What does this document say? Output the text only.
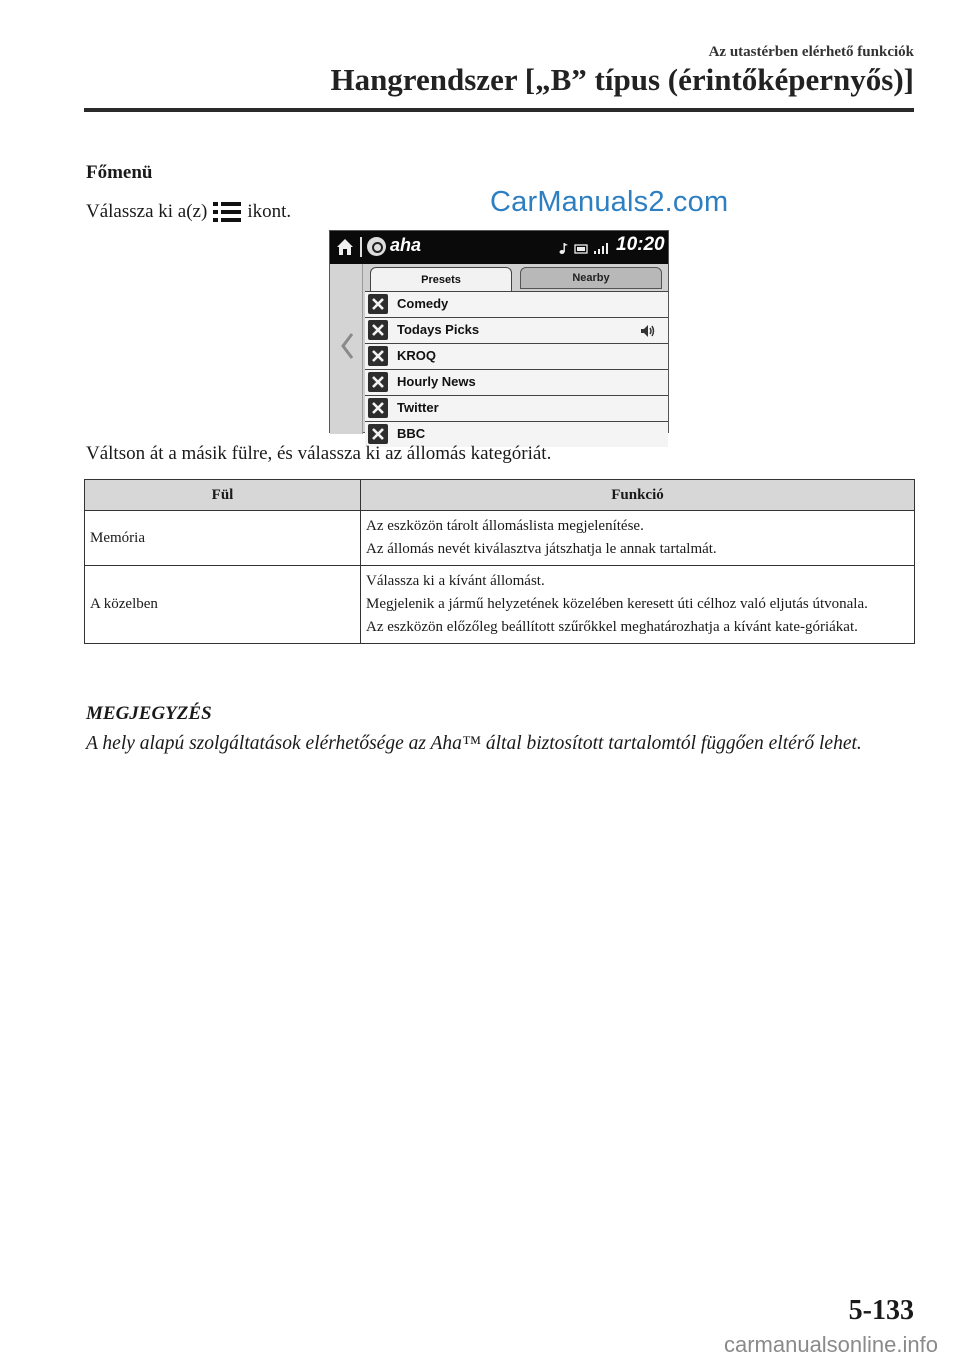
Az utastérben elérhető funkciók
Hangrendszer [„B” típus (érintőképernyős)]
Főmenü
Válassza ki a(z) ikont.	CarManuals2.com
aha	10:20
Presets	Nearby
Comedy
Todays Picks
KROQ
Hourly News
Twitter
BBC
Váltson át a másik fülre, és válassza ki az állomás kategóriát.
Fül	Funkció
Memória	Az eszközön tárolt állomáslista megjelenítése.
Az állomás nevét kiválasztva játszhatja le annak tartalmát.

A közelben	Válassza ki a kívánt állomást.
Megjelenik a jármű helyzetének közelében keresett úti célhoz való eljutás útvonala.
Az eszközön előzőleg beállított szűrőkkel meghatározhatja a kívánt kate-góriákat.
MEGJEGYZÉS
A hely alapú szolgáltatások elérhetősége az Aha™ által biztosított tartalomtól függően eltérő lehet.
5-133
carmanualsonline.info
